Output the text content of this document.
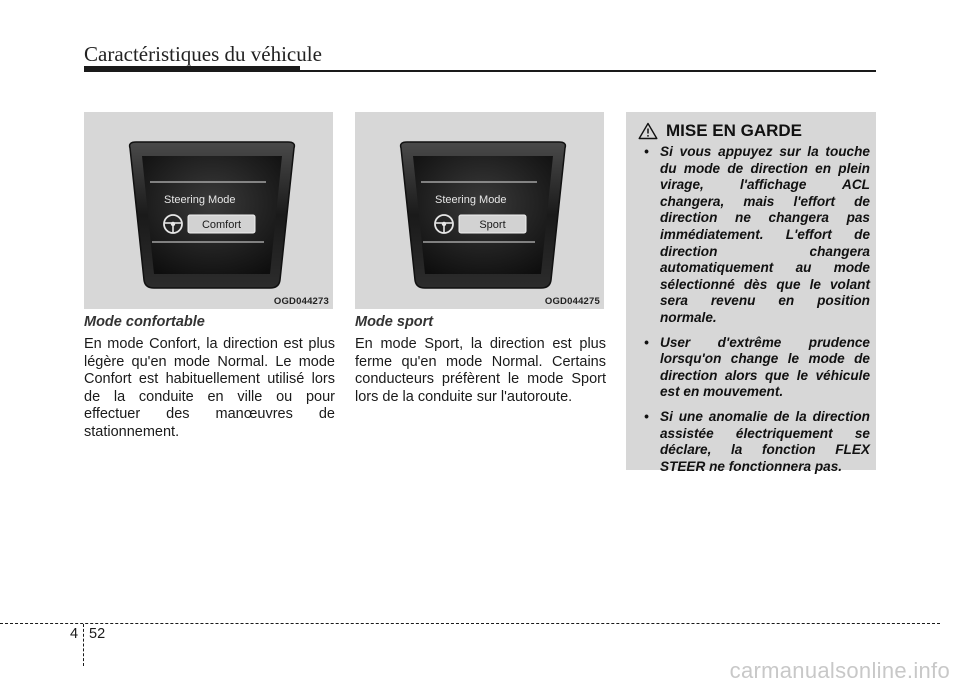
Caractéristiques du véhicule
Steering Mode
Comfort
OGD044273
Steering Mode
Sport
OGD044275
Mode confortable

En mode Confort, la direction est plus légère qu'en mode Normal. Le mode Confort est habituellement utilisé lors de la conduite en ville ou pour effectuer des manœuvres de stationnement.

Mode sport

En mode Sport, la direction est plus ferme qu'en mode Normal. Certains conducteurs préfèrent le mode Sport lors de la conduite sur l'autoroute.

MISE EN GARDE
• Si vous appuyez sur la touche du mode de direction en plein virage, l'affichage ACL changera, mais l'effort de direction ne changera pas immédiatement. L'effort de direction changera automatiquement au mode sélectionné dès que le volant sera revenu en position normale.
• User d'extrême prudence lorsqu'on change le mode de direction alors que le véhicule est en mouvement.
• Si une anomalie de la direction assistée électriquement se déclare, la fonction FLEX STEER ne fonctionnera pas.
4 52
carmanualsonline.info
